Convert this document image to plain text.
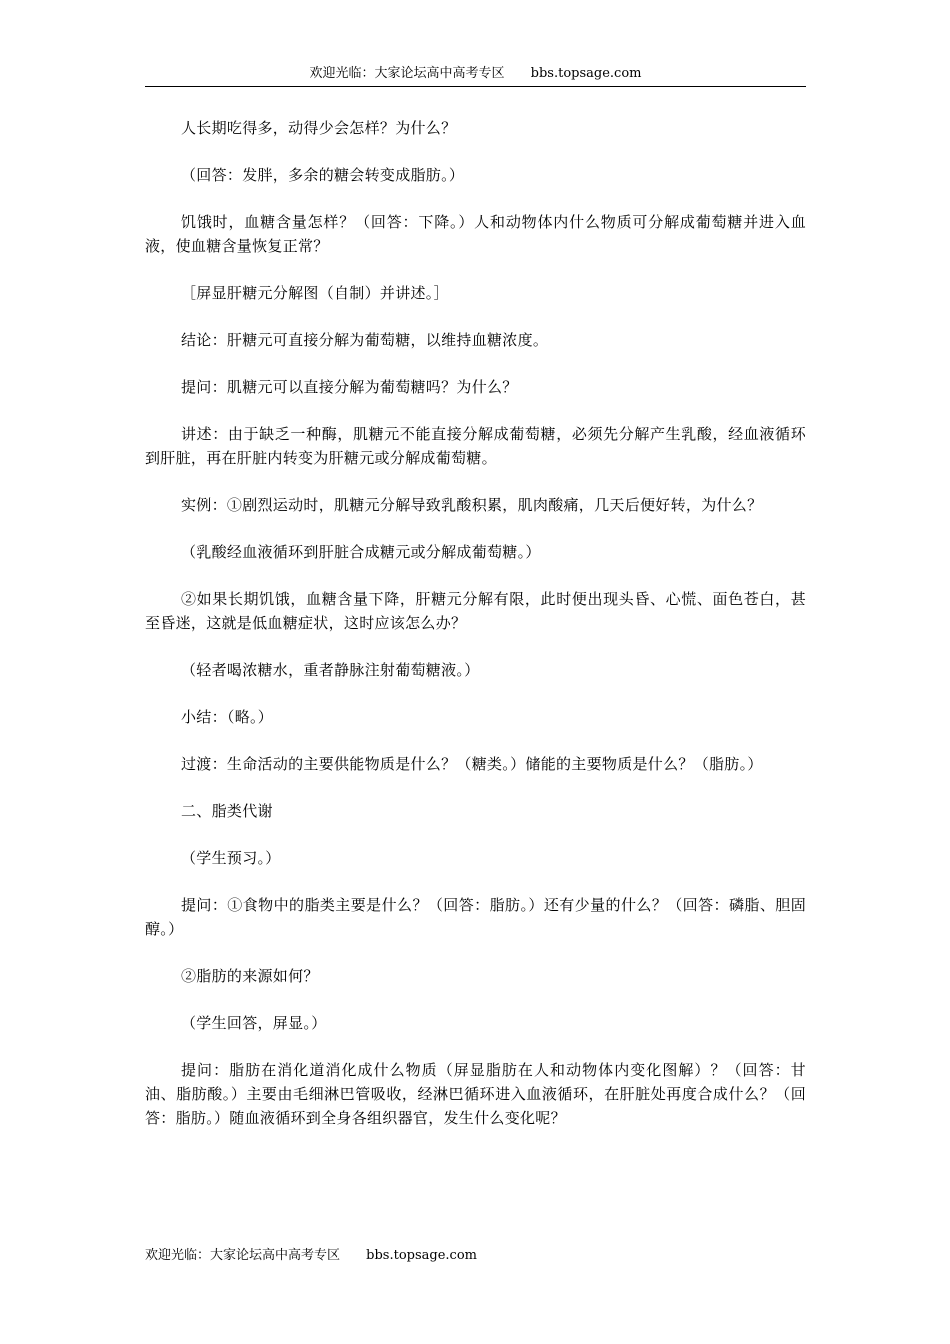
欢迎光临：大家论坛高中高考专区 bbs.topsage.com

人长期吃得多，动得少会怎样？为什么？

（回答：发胖，多余的糖会转变成脂肪。）

饥饿时，血糖含量怎样？（回答：下降。）人和动物体内什么物质可分解成葡萄糖并进入血液，使血糖含量恢复正常？

［屏显肝糖元分解图（自制）并讲述。］

结论：肝糖元可直接分解为葡萄糖，以维持血糖浓度。

提问：肌糖元可以直接分解为葡萄糖吗？为什么？

讲述：由于缺乏一种酶，肌糖元不能直接分解成葡萄糖，必须先分解产生乳酸，经血液循环到肝脏，再在肝脏内转变为肝糖元或分解成葡萄糖。

实例：①剧烈运动时，肌糖元分解导致乳酸积累，肌肉酸痛，几天后便好转，为什么？

（乳酸经血液循环到肝脏合成糖元或分解成葡萄糖。）

②如果长期饥饿，血糖含量下降，肝糖元分解有限，此时便出现头昏、心慌、面色苍白，甚至昏迷，这就是低血糖症状，这时应该怎么办？

（轻者喝浓糖水，重者静脉注射葡萄糖液。）

小结：（略。）

过渡：生命活动的主要供能物质是什么？（糖类。）储能的主要物质是什么？（脂肪。）

二、脂类代谢

（学生预习。）

提问：①食物中的脂类主要是什么？（回答：脂肪。）还有少量的什么？（回答：磷脂、胆固醇。）

②脂肪的来源如何？

（学生回答，屏显。）

提问：脂肪在消化道消化成什么物质（屏显脂肪在人和动物体内变化图解）？（回答：甘油、脂肪酸。）主要由毛细淋巴管吸收，经淋巴循环进入血液循环，在肝脏处再度合成什么？（回答：脂肪。）随血液循环到全身各组织器官，发生什么变化呢？

欢迎光临：大家论坛高中高考专区 bbs.topsage.com
